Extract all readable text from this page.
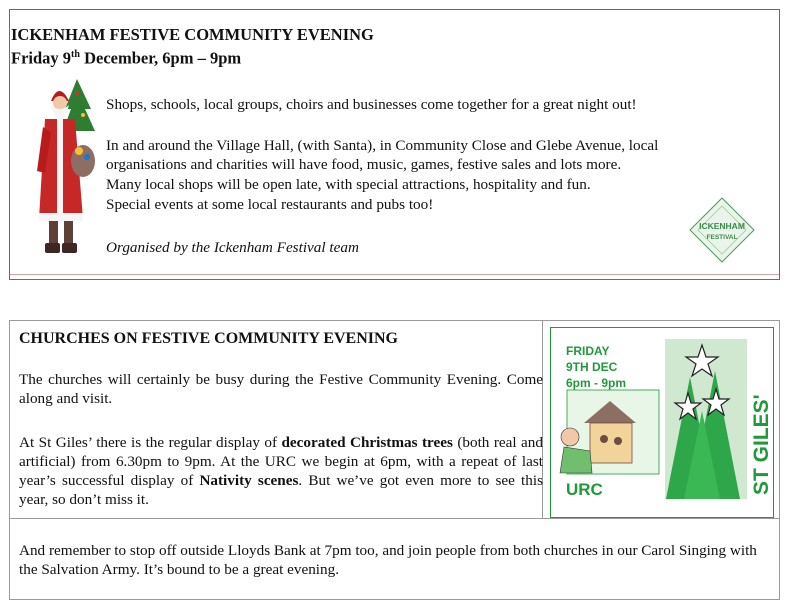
ICKENHAM FESTIVE COMMUNITY EVENING
Friday 9th December, 6pm – 9pm

Shops, schools, local groups, choirs and businesses come together for a great night out!

In and around the Village Hall, (with Santa), in Community Close and Glebe Avenue, local

organisations and charities will have food, music, games, festive sales and lots more.

Many local shops will be open late, with special attractions, hospitality and fun.

Special events at some local restaurants and pubs too!

Organised by the Ickenham Festival team

ICKENHAM
FESTIVAL
CHURCHES ON FESTIVE COMMUNITY EVENING

The churches will certainly be busy during the Festive Community Evening. Come along and visit.

At St Giles’ there is the regular display of decorated Christmas trees (both real and artificial) from 6.30pm to 9pm. At the URC we begin at 6pm, with a repeat of last year’s successful display of Nativity scenes. But we’ve got even more to see this year, so don’t miss it.

And remember to stop off outside Lloyds Bank at 7pm too, and join people from both churches in our Carol Singing with the Salvation Army. It’s bound to be a great evening.

FRIDAY
9TH DEC
6pm - 9pm
URC	ST GILES'
